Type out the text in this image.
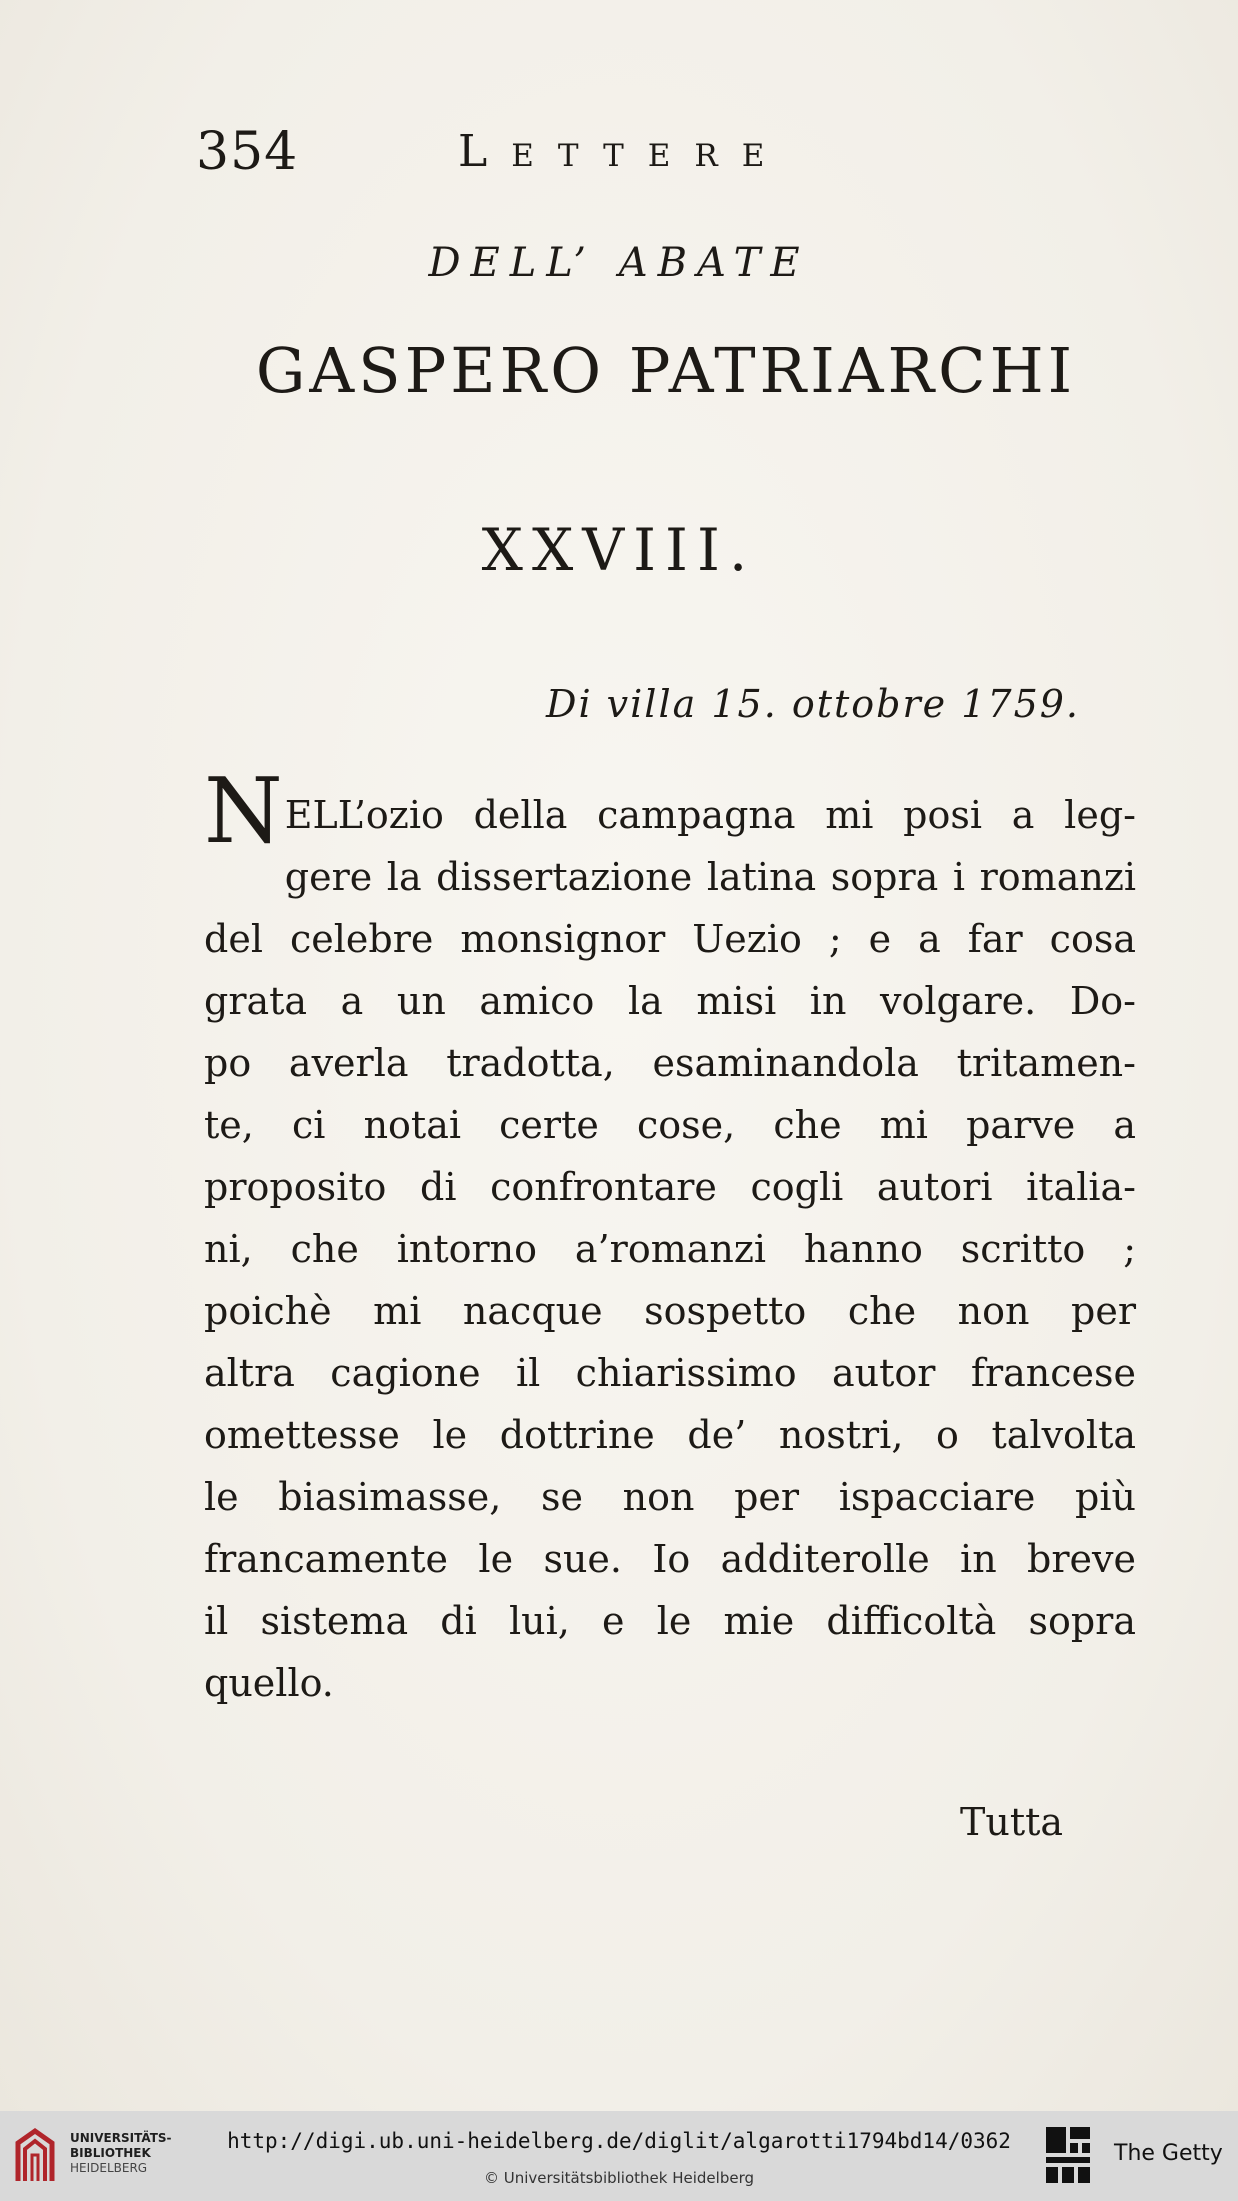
354	Lettere
DELL’ ABATE
GASPERO PATRIARCHI
XXVIII.
Di villa 15. ottobre 1759.
NELL’ozio della campagna mi posi a leg-
gere la dissertazione latina sopra i romanzi
del celebre monsignor Uezio ; e a far cosa
grata a un amico la misi in volgare. Do-
po averla tradotta, esaminandola tritamen-
te, ci notai certe cose, che mi parve a
proposito di confrontare cogli autori italia-
ni, che intorno a’romanzi hanno scritto ;
poichè mi nacque sospetto che non per
altra cagione il chiarissimo autor francese
omettesse le dottrine de’ nostri, o talvolta
le biasimasse, se non per ispacciare più
francamente le sue. Io additerolle in breve
il sistema di lui, e le mie difficoltà sopra
quello.
Tutta
UNIVERSITÄTS-
BIBLIOTHEK
HEIDELBERG
http://digi.ub.uni-heidelberg.de/diglit/algarotti1794bd14/0362
© Universitätsbibliothek Heidelberg
The Getty
